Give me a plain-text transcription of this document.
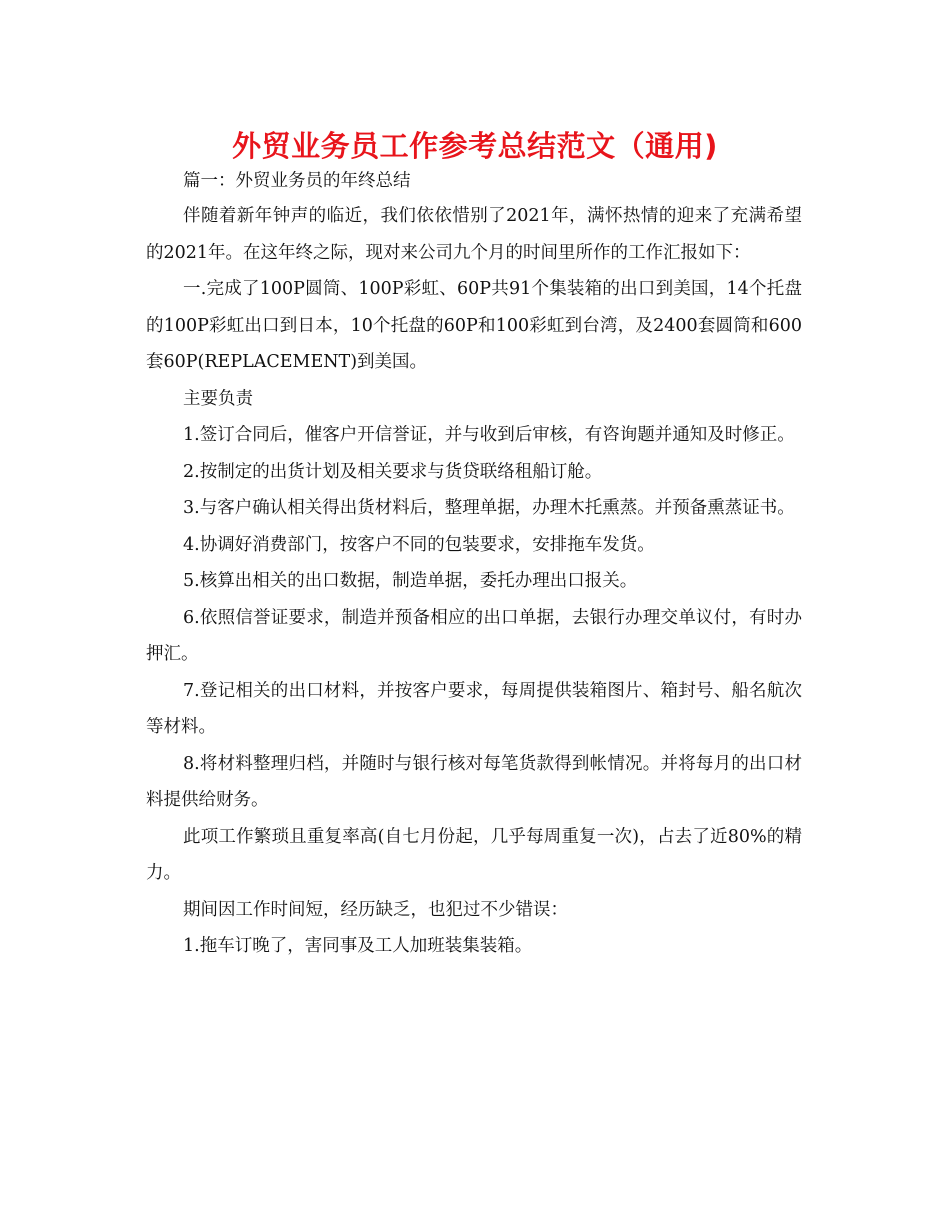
外贸业务员工作参考总结范文（通用)

篇一：外贸业务员的年终总结

伴随着新年钟声的临近，我们依依惜别了2021年，满怀热情的迎来了充满希望的2021年。在这年终之际，现对来公司九个月的时间里所作的工作汇报如下：

一.完成了100P圆筒、100P彩虹、60P共91个集装箱的出口到美国，14个托盘的100P彩虹出口到日本，10个托盘的60P和100彩虹到台湾，及2400套圆筒和600套60P(REPLACEMENT)到美国。

主要负责

1.签订合同后，催客户开信誉证，并与收到后审核，有咨询题并通知及时修正。

2.按制定的出货计划及相关要求与货贷联络租船订舱。

3.与客户确认相关得出货材料后，整理单据，办理木托熏蒸。并预备熏蒸证书。

4.协调好消费部门，按客户不同的包装要求，安排拖车发货。

5.核算出相关的出口数据，制造单据，委托办理出口报关。

6.依照信誉证要求，制造并预备相应的出口单据，去银行办理交单议付，有时办押汇。

7.登记相关的出口材料，并按客户要求，每周提供装箱图片、箱封号、船名航次等材料。

8.将材料整理归档，并随时与银行核对每笔货款得到帐情况。并将每月的出口材料提供给财务。

此项工作繁琐且重复率高(自七月份起，几乎每周重复一次)，占去了近80%的精力。

期间因工作时间短，经历缺乏，也犯过不少错误：

1.拖车订晚了，害同事及工人加班装集装箱。
